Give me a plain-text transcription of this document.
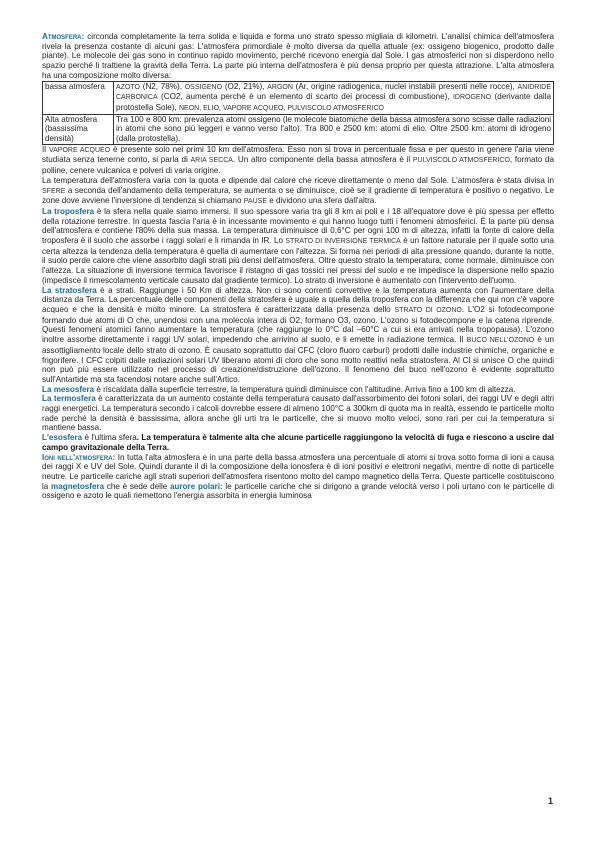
Atmosfera: circonda completamente la terra solida e liquida e forma uno strato spesso migliaia di kilometri. L'analisi chimica dell'atmosfera rivela la presenza costante di alcuni gas: L'atmosfera primordiale è molto diversa da quella attuale (ex: ossigeno biogenico, prodotto dalle piante). Le molecole dei gas sono in continuo rapido movimento, perché ricevono energia dal Sole. I gas atmosferici non si disperdono nello spazio perché li trattiene la gravità della Terra. La parte più interna dell'atmosfera è più densa proprio per questa attrazione. L'alta atmosfera ha una composizione molto diversa:

bassa atmosfera	AZOTO (N2, 78%), OSSIGENO (O2, 21%), ARGON (Ar, origine radiogenica, nuclei instabili presenti nelle rocce), ANIDRIDE CARBONICA (CO2, aumenta perché è un elemento di scarto dei processi di combustione), IDROGENO (derivante dalla protostella Sole), NEON, ELIO, VAPORE ACQUEO, PULVISCOLO ATMOSFERICO
Alta atmosfera (bassissima densità)	Tra 100 e 800 km: prevalenza atomi ossigeno (le molecole biatomiche della bassa atmosfera sono scisse dalle radiazioni in atomi che sono più leggeri e vanno verso l'alto). Tra 800 e 2500 km: atomi di elio. Oltre 2500 km: atomi di idrogeno (dalla protostella).

Il VAPORE ACQUEO è presente solo nei primi 10 km dell'atmosfera. Esso non si trova in percentuale fissa e per questo in genere l'aria viene studiata senza tenerne conto, si parla di ARIA SECCA. Un altro componente della bassa atmosfera è il PULVISCOLO ATMOSFERICO, formato da polline, cenere vulcanica e polveri di varia origine.

La temperatura dell'atmosfera varia con la quota e dipende dal calore che riceve direttamente o meno dal Sole. L'atmosfera è stata divisa in SFERE a seconda dell'andamento della temperatura, se aumenta o se diminuisce, cioè se il gradiente di temperatura è positivo o negativo. Le zone dove avviene l'inversione di tendenza si chiamano PAUSE e dividono una sfera dall'altra.

La troposfera è la sfera nella quale siamo immersi. Il suo spessore varia tra gli 8 km ai poli e i 18 all'equatore dove è più spessa per effetto della rotazione terrestre. In questa fascia l'aria è in incessante movimento e qui hanno luogo tutti i fenomeni atmosferici. È la parte più densa dell'atmosfera e contiene l'80% della sua massa. La temperatura diminuisce di 0,6°C per ogni 100 m di altezza, infatti la fonte di calore della troposfera è il suolo che assorbe i raggi solari e li rimanda in IR. Lo STRATO DI INVERSIONE TERMICA è un fattore naturale per il quale sotto una certa altezza la tendenza della temperatura è quella di aumentare con l'altezza. Si forma nei periodi di alta pressione quando, durante la notte, il suolo perde calore che viene assorbito dagli strati più densi dell'atmosfera. Oltre questo strato la temperatura, come normale, diminuisce con l'altezza. La situazione di inversione termica favorisce il ristagno di gas tossici nei pressi del suolo e ne impedisce la dispersione nello spazio (impedisce il rimescolamento verticale causato dal gradiente termico). Lo strato di inversione è aumentato con l'intervento dell'uomo.

La stratosfera è a strati. Raggiunge i 50 Km di altezza. Non ci sono correnti convettive e la temperatura aumenta con l'aumentare della distanza da Terra. La percentuale delle componenti della stratosfera è uguale a quella della troposfera con la differenza che qui non c'è vapore acqueo e che la densità è molto minore. La stratosfera è caratterizzata dalla presenza dello STRATO DI OZONO. L'O2 si fotodecompone formando due atomi di O che, unendosi con una molecola intera di O2, formano O3, ozono. L'ozono si fotodecompone e la catena riprende. Questi fenomeni atomici fanno aumentare la temperatura (che raggiunge lo 0°C dal –60°C a cui si era arrivati nella tropopausa). L'ozono inoltre assorbe direttamente i raggi UV solari, impedendo che arrivino al suolo, e li emette in radiazione termica. Il BUCO NELL'OZONO è un assottigliamento locale dello strato di ozono. È causato soprattutto dai CFC (cloro fluoro carburi) prodotti dalle industrie chimiche, organiche e frigorifere. I CFC colpiti dalle radiazioni solari UV liberano atomi di cloro che sono molto reattivi nella stratosfera. Al Cl si unisce O che quindi non può più essere utilizzato nel processo di creazione/distruzione dell'ozono. Il fenomeno del buco nell'ozono è evidente soprattutto sull'Antartide ma sta facendosi notare anche sull'Artico.

La mesosfera è riscaldata dalla superficie terrestre, la temperatura quindi diminuisce con l'altitudine. Arriva fino a 100 km di altezza.

La termosfera è caratterizzata da un aumento costante della temperatura causato dall'assorbimento dei fotoni solari, dei raggi UV e degli altri raggi energetici. La temperatura secondo i calcoli dovrebbe essere di almeno 100°C a 300km di quota ma in realtà, essendo le particelle molto rade perché la densità è bassissima, allora anche gli urti tra le particelle, che si muovo molto veloci, sono rari per cui la temperatura si mantiene bassa.

L'esosfera è l'ultima sfera. La temperatura è talmente alta che alcune particelle raggiungono la velocità di fuga e riescono a uscire dal campo gravitazionale della Terra.

Ioni nell'atmosfera: In tutta l'alta atmosfera e in una parte della bassa atmosfera una percentuale di atomi si trova sotto forma di ioni a causa dei raggi X e UV del Sole. Quindi durante il dì la composizione della ionosfera è di ioni positivi e elettroni negativi, mentre di notte di particelle neutre. Le particelle cariche agli strati superiori dell'atmosfera risentono molto del campo magnetico della Terra. Queste particelle costituiscono la magnetosfera che è sede delle aurore polari: le particelle cariche che si dirigono a grande velocità verso i poli urtano con le particelle di ossigeno e azoto le quali riemettono l'energia assorbita in energia luminosa

1
